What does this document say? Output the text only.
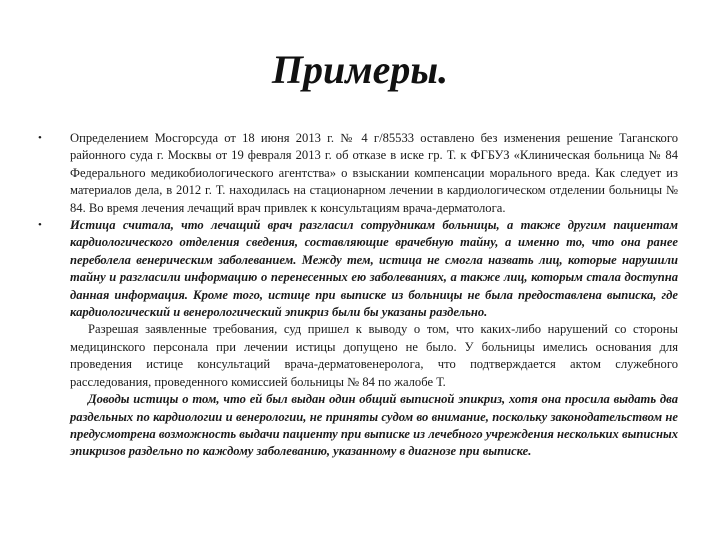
Примеры.
• Определением Мосгорсуда от 18 июня 2013 г. № 4 г/85533 оставлено без изменения решение Таганского районного суда г. Москвы от 19 февраля 2013 г. об отказе в иске гр. Т. к ФГБУЗ «Клиническая больница № 84 Федерального медикобиологического агентства» о взыскании компенсации морального вреда. Как следует из материалов дела, в 2012 г. Т. находилась на стационарном лечении в кардиологическом отделении больницы № 84. Во время лечения лечащий врач привлек к консультациям врача-дерматолога.
• Истица считала, что лечащий врач разгласил сотрудникам больницы, а также другим пациентам кардиологического отделения сведения, составляющие врачебную тайну, а именно то, что она ранее переболела венерическим заболеванием. Между тем, истица не смогла назвать лиц, которые нарушили тайну и разгласили информацию о перенесенных ею заболеваниях, а также лиц, которым стала доступна данная информация. Кроме того, истице при выписке из больницы не была предоставлена выписка, где кардиологический и венерологический эпикриз были бы указаны раздельно.
Разрешая заявленные требования, суд пришел к выводу о том, что каких-либо нарушений со стороны медицинского персонала при лечении истицы допущено не было. У больницы имелись основания для проведения истице консультаций врача-дерматовенеролога, что подтверждается актом служебного расследования, проведенного комиссией больницы № 84 по жалобе Т.
Доводы истицы о том, что ей был выдан один общий выписной эпикриз, хотя она просила выдать два раздельных по кардиологии и венерологии, не приняты судом во внимание, поскольку законодательством не предусмотрена возможность выдачи пациенту при выписке из лечебного учреждения нескольких выписных эпикризов раздельно по каждому заболеванию, указанному в диагнозе при выписке.
